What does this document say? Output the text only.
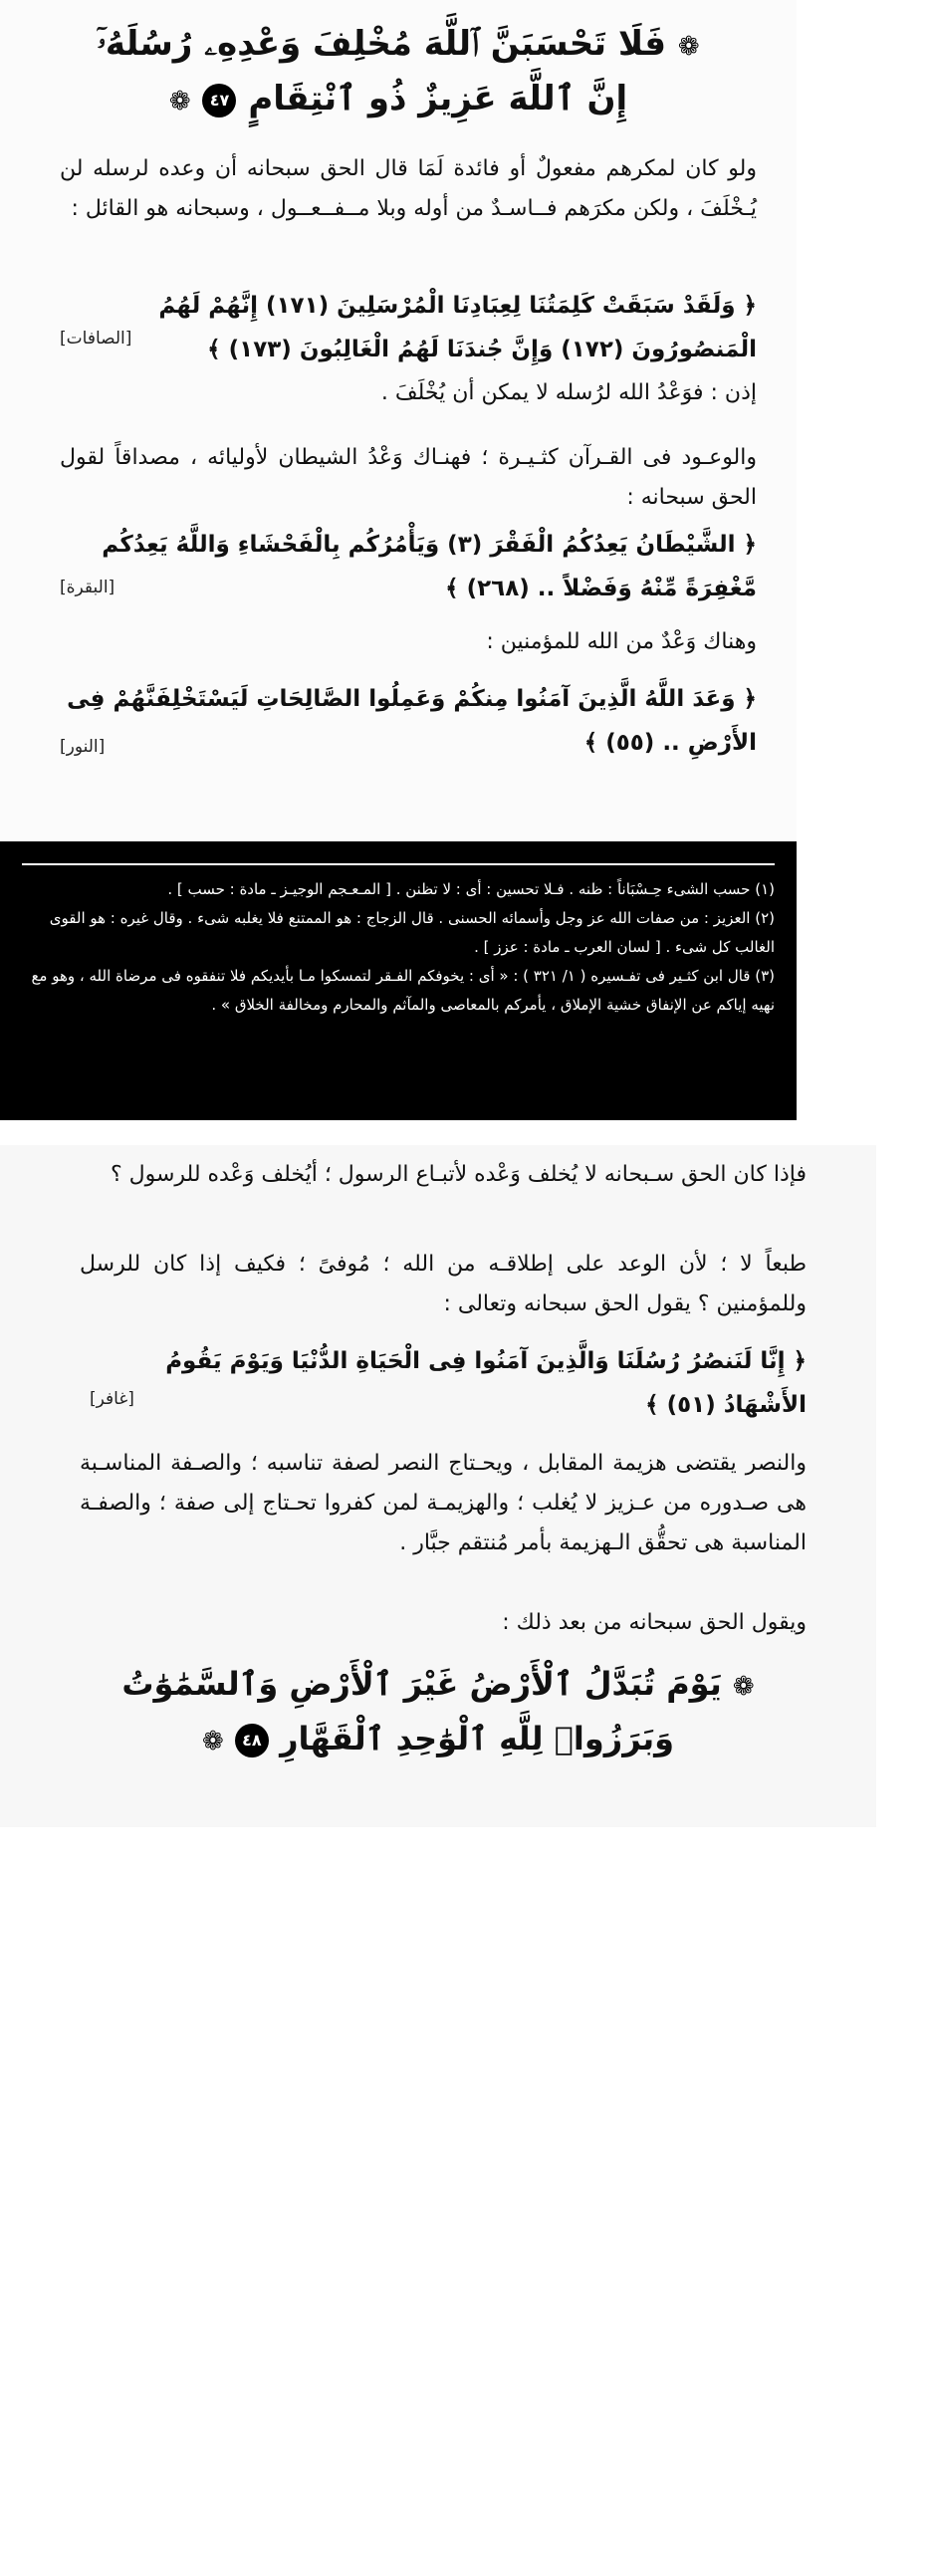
❁ فَلَا تَحْسَبَنَّ ٱللَّهَ مُخْلِفَ وَعْدِهِۦ رُسُلَهُۥٓ
إِنَّ ٱللَّهَ عَزِيزٌ ذُو ٱنْتِقَامٍ ٤٧ ❁
ولو كان لمكرهم مفعولٌ أو فائدة لَمَا قال الحق سبحانه أن وعده لرسله لن يُـخْلَفَ ، ولكن مكرَهم فــاسـدٌ من أوله وبلا مــفــعــول ، وسبحانه هو القائل :
﴿ وَلَقَدْ سَبَقَتْ كَلِمَتُنَا لِعِبَادِنَا الْمُرْسَلِينَ (١٧١) إِنَّهُمْ لَهُمُ الْمَنصُورُونَ (١٧٢) وَإِنَّ جُندَنَا لَهُمُ الْغَالِبُونَ (١٧٣) ﴾
[الصافات]
إذن : فوَعْدُ الله لرُسله لا يمكن أن يُخْلَفَ .
والوعـود فى القـرآن كثـيـرة ؛ فهنـاك وَعْدُ الشيطان لأوليائه ، مصداقاً لقول الحق سبحانه :
﴿ الشَّيْطَانُ يَعِدُكُمُ الْفَقْرَ (٣) وَيَأْمُرُكُم بِالْفَحْشَاءِ وَاللَّهُ يَعِدُكُم مَّغْفِرَةً مِّنْهُ وَفَضْلاً .. (٢٦٨) ﴾
[البقرة]
وهناك وَعْدٌ من الله للمؤمنين :
﴿ وَعَدَ اللَّهُ الَّذِينَ آمَنُوا مِنكُمْ وَعَمِلُوا الصَّالِحَاتِ لَيَسْتَخْلِفَنَّهُمْ فِى الأَرْضِ .. (٥٥) ﴾
[النور]
(١) حسب الشىء حِـسْبَاناً : ظنه . فـلا تحسين : أى : لا تظنن . [ المـعـجم الوجيـز ـ مادة : حسب ] .
(٢) العزيز : من صفات الله عز وجل وأسمائه الحسنى . قال الزجاج : هو الممتنع فلا يغلبه شىء . وقال غيره : هو القوى الغالب كل شىء . [ لسان العرب ـ مادة : عزز ] .
(٣) قال ابن كثـير فى تفـسيره ( ١/ ٣٢١ ) : « أى : يخوفكم الفـقر لتمسكوا مـا بأيديكم فلا تنفقوه فى مرضاة الله ، وهو مع نهيه إياكم عن الإنفاق خشية الإملاق ، يأمركم بالمعاصى والمآثم والمحارم ومخالفة الخلاق » .
فإذا كان الحق سـبحانه لا يُخلف وَعْده لأتبـاع الرسول ؛ أيُخلف وَعْده للرسول ؟
طبعاً لا ؛ لأن الوعد على إطلاقـه من الله ؛ مُوفىً ؛ فكيف إذا كان للرسل وللمؤمنين ؟ يقول الحق سبحانه وتعالى :
﴿ إِنَّا لَنَنصُرُ رُسُلَنَا وَالَّذِينَ آمَنُوا فِى الْحَيَاةِ الدُّنْيَا وَيَوْمَ يَقُومُ الأَشْهَادُ (٥١) ﴾
[غافر]
والنصر يقتضى هزيمة المقابل ، ويحـتاج النصر لصفة تناسبه ؛ والصـفة المناسـبة هى صـدوره من عـزيز لا يُغلب ؛ والهزيمـة لمن كفروا تحـتاج إلى صفة ؛ والصفـة المناسبة هى تحقُّق الـهزيمة بأمر مُنتقم جبَّار .
ويقول الحق سبحانه من بعد ذلك :
❁ يَوْمَ تُبَدَّلُ ٱلْأَرْضُ غَيْرَ ٱلْأَرْضِ وَٱلسَّمَٰوَٰتُ
وَبَرَزُوا۟ لِلَّهِ ٱلْوَٰحِدِ ٱلْقَهَّارِ ٤٨ ❁
